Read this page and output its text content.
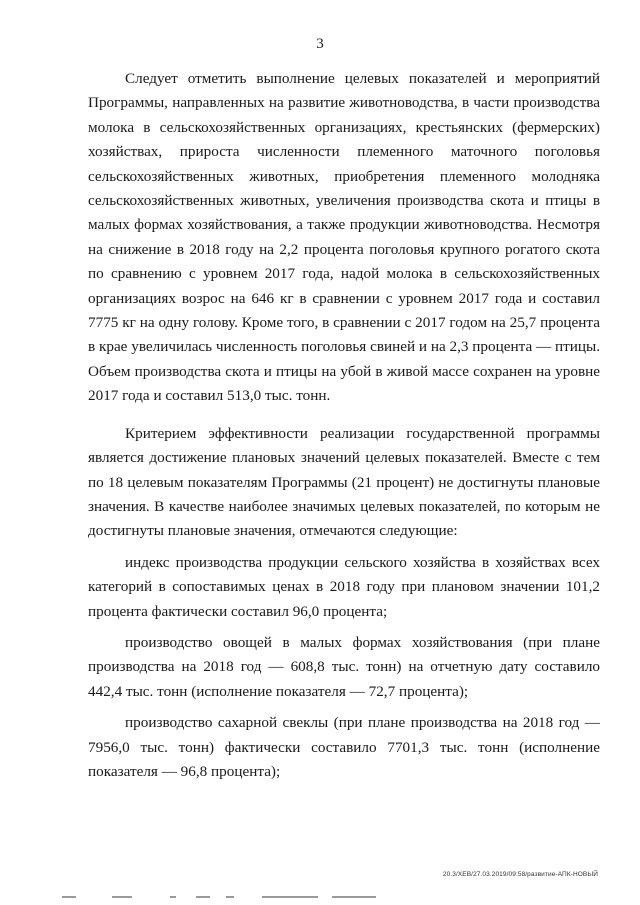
3

Следует отметить выполнение целевых показателей и мероприятий Программы, направленных на развитие животноводства, в части производства молока в сельскохозяйственных организациях, крестьянских (фермерских) хозяйствах, прироста численности племенного маточного поголовья сельскохозяйственных животных, приобретения племенного молодняка сельскохозяйственных животных, увеличения производства скота и птицы в малых формах хозяйствования, а также продукции животноводства. Несмотря на снижение в 2018 году на 2,2 процента поголовья крупного рогатого скота по сравнению с уровнем 2017 года, надой молока в сельскохозяйственных организациях возрос на 646 кг в сравнении с уровнем 2017 года и составил 7775 кг на одну голову. Кроме того, в сравнении с 2017 годом на 25,7 процента в крае увеличилась численность поголовья свиней и на 2,3 процента — птицы. Объем производства скота и птицы на убой в живой массе сохранен на уровне 2017 года и составил 513,0 тыс. тонн.

Критерием эффективности реализации государственной программы является достижение плановых значений целевых показателей. Вместе с тем по 18 целевым показателям Программы (21 процент) не достигнуты плановые значения. В качестве наиболее значимых целевых показателей, по которым не достигнуты плановые значения, отмечаются следующие:

индекс производства продукции сельского хозяйства в хозяйствах всех категорий в сопоставимых ценах в 2018 году при плановом значении 101,2 процента фактически составил 96,0 процента;

производство овощей в малых формах хозяйствования (при плане производства на 2018 год — 608,8 тыс. тонн) на отчетную дату составило 442,4 тыс. тонн (исполнение показателя — 72,7 процента);

производство сахарной свеклы (при плане производства на 2018 год — 7956,0 тыс. тонн) фактически составило 7701,3 тыс. тонн (исполнение показателя — 96,8 процента);

20.3/ХЕВ/27.03.2019/09:58/развитие-АПК-НОВЫЙ
